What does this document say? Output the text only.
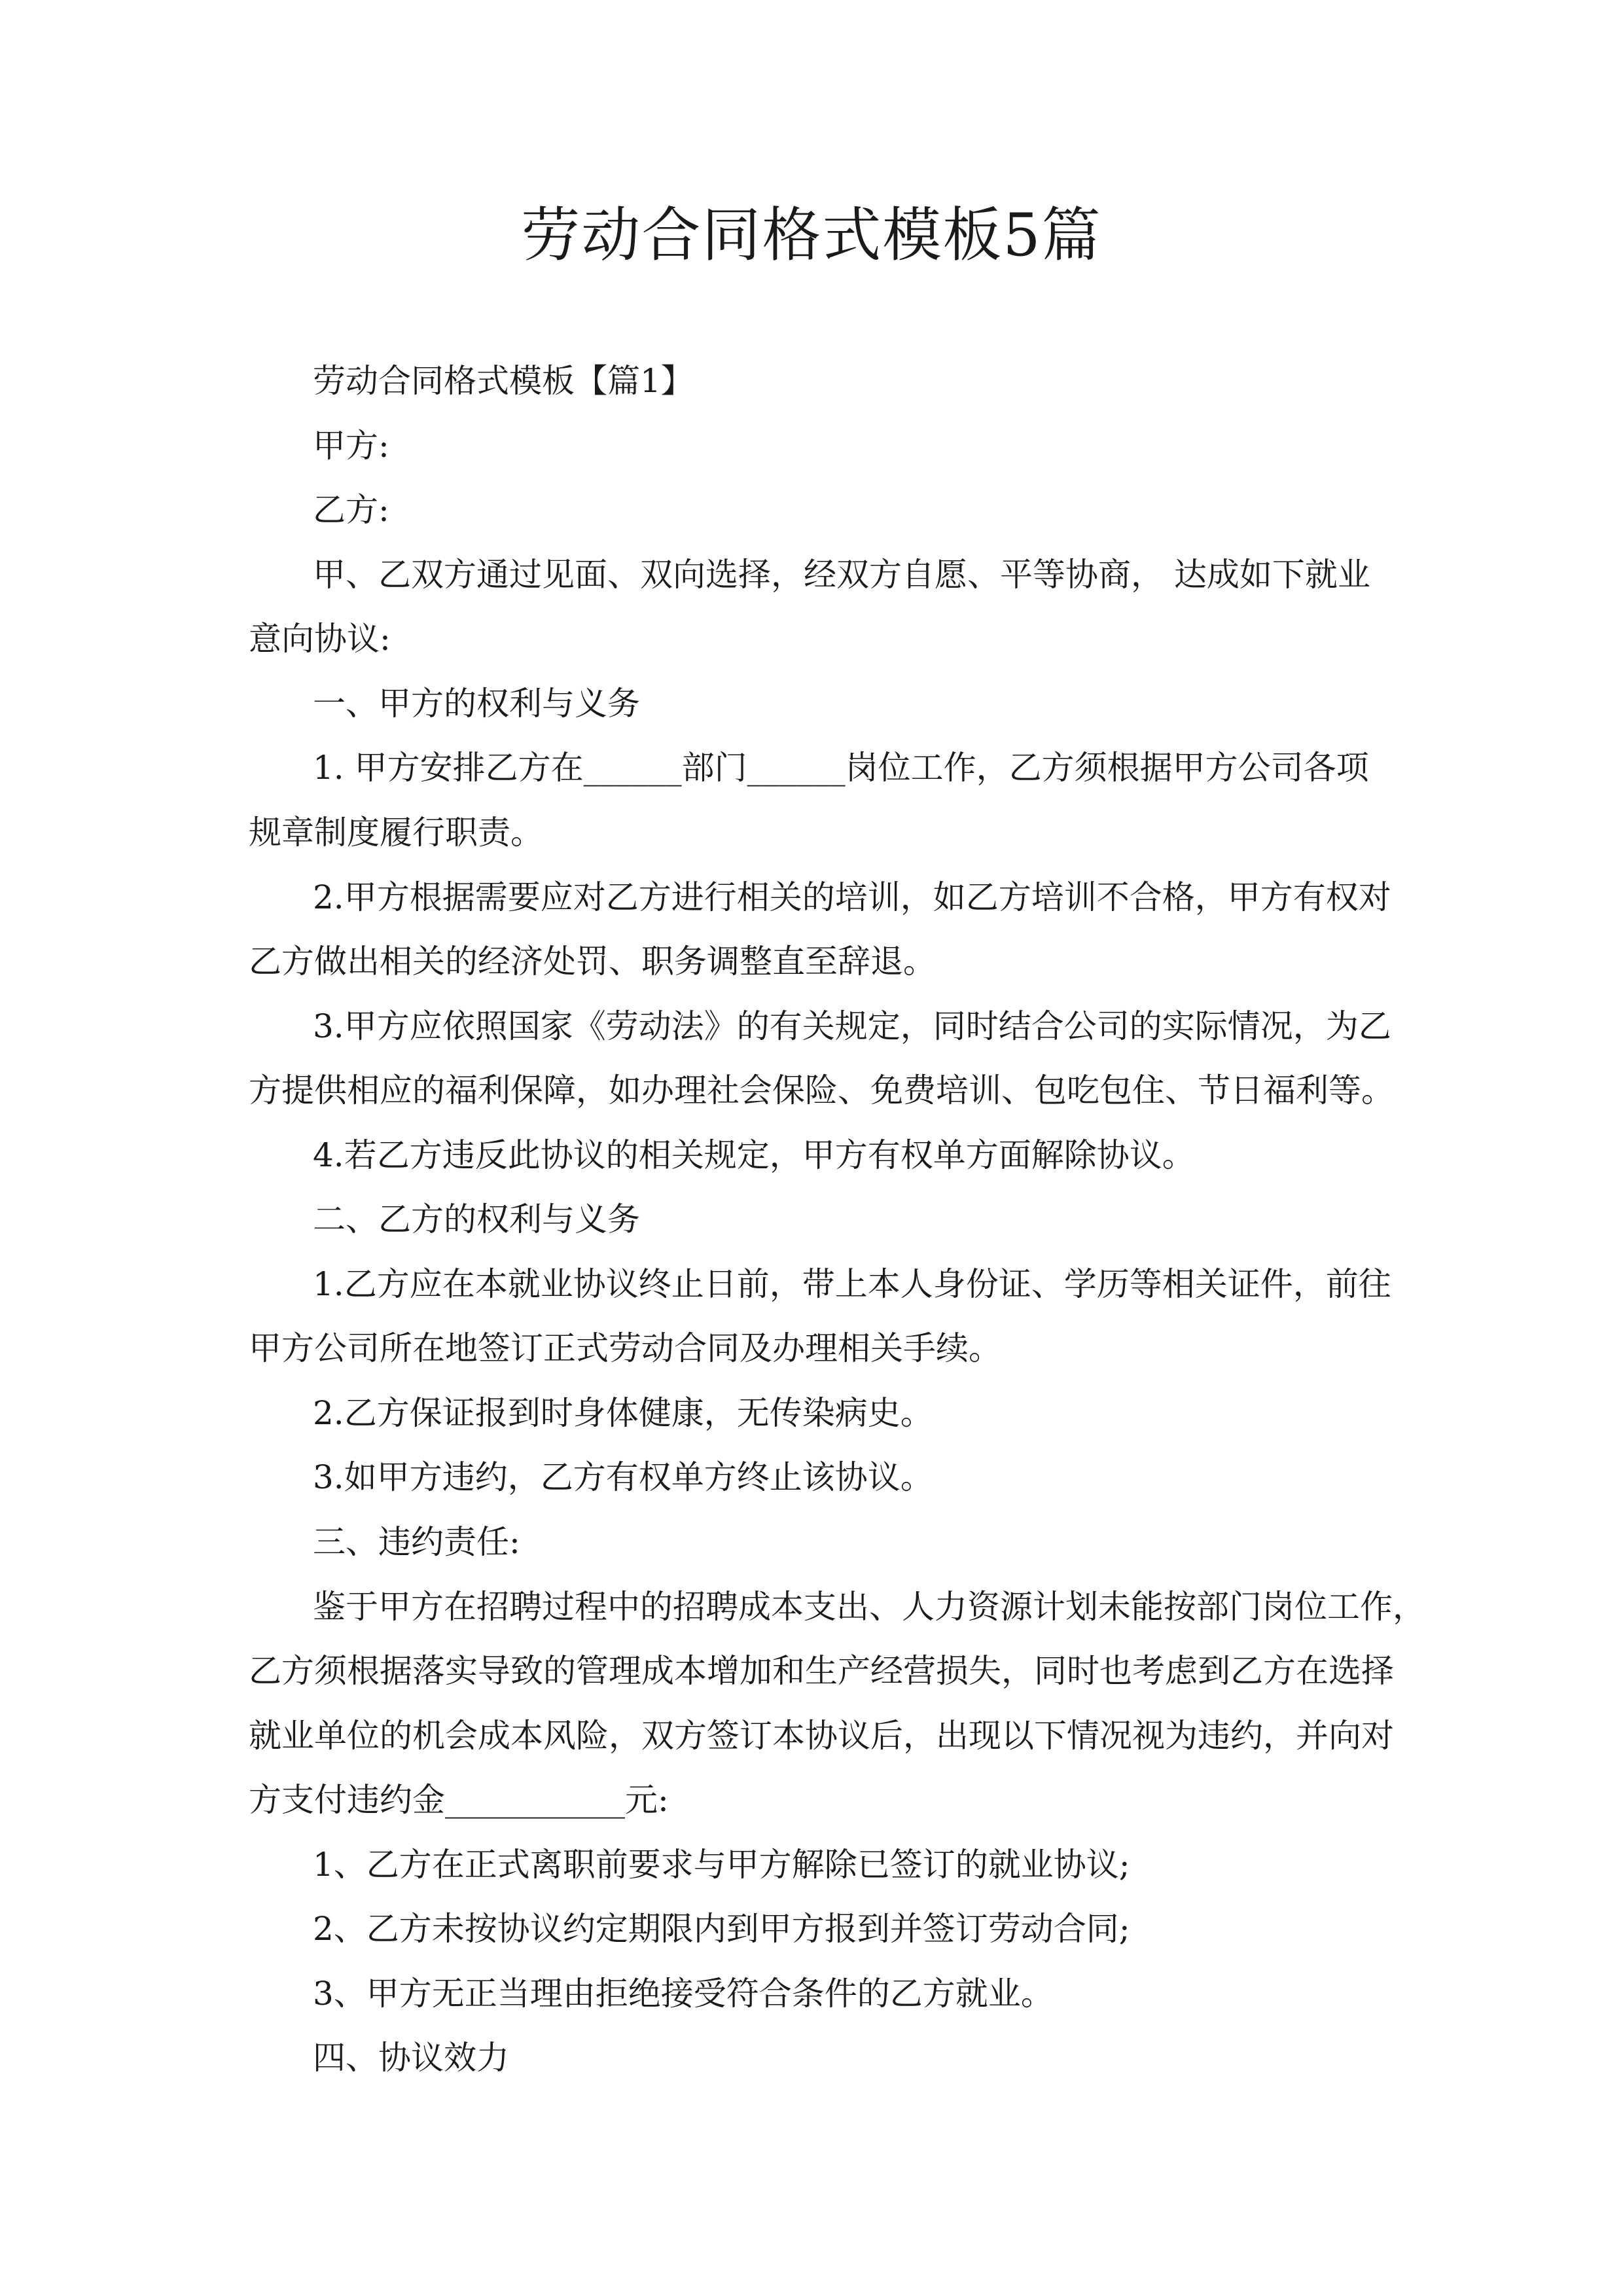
劳动合同格式模板5篇
劳动合同格式模板【篇1】
甲方:
乙方:
甲、乙双方通过见面、双向选择，经双方自愿、平等协商， 达成如下就业
意向协议:
一、甲方的权利与义务
1. 甲方安排乙方在______部门______岗位工作，乙方须根据甲方公司各项
规章制度履行职责。
2.甲方根据需要应对乙方进行相关的培训，如乙方培训不合格，甲方有权对
乙方做出相关的经济处罚、职务调整直至辞退。
3.甲方应依照国家《劳动法》的有关规定，同时结合公司的实际情况，为乙
方提供相应的福利保障，如办理社会保险、免费培训、包吃包住、节日福利等。
4.若乙方违反此协议的相关规定，甲方有权单方面解除协议。
二、乙方的权利与义务
1.乙方应在本就业协议终止日前，带上本人身份证、学历等相关证件，前往
甲方公司所在地签订正式劳动合同及办理相关手续。
2.乙方保证报到时身体健康，无传染病史。
3.如甲方违约，乙方有权单方终止该协议。
三、违约责任:
鉴于甲方在招聘过程中的招聘成本支出、人力资源计划未能按部门岗位工作，
乙方须根据落实导致的管理成本增加和生产经营损失，同时也考虑到乙方在选择
就业单位的机会成本风险，双方签订本协议后，出现以下情况视为违约，并向对
方支付违约金___________元:
1、乙方在正式离职前要求与甲方解除已签订的就业协议;
2、乙方未按协议约定期限内到甲方报到并签订劳动合同;
3、甲方无正当理由拒绝接受符合条件的乙方就业。
四、协议效力
